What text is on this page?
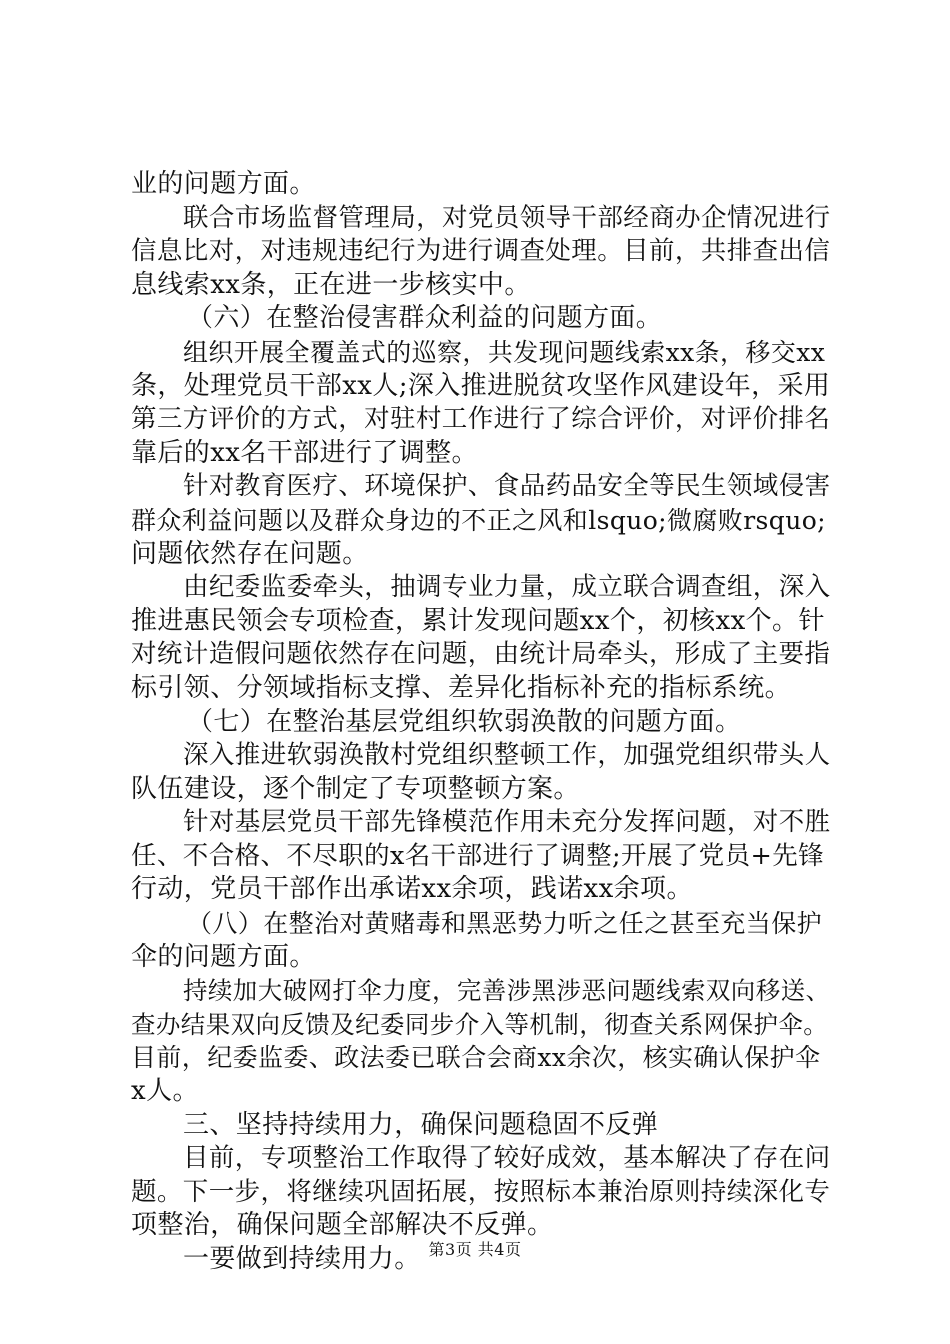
业的问题方面。
联合市场监督管理局，对党员领导干部经商办企情况进行
信息比对，对违规违纪行为进行调查处理。目前，共排查出信
息线索xx条，正在进一步核实中。
（六）在整治侵害群众利益的问题方面。
组织开展全覆盖式的巡察，共发现问题线索xx条，移交xx
条，处理党员干部xx人;深入推进脱贫攻坚作风建设年，采用
第三方评价的方式，对驻村工作进行了综合评价，对评价排名
靠后的xx名干部进行了调整。
针对教育医疗、环境保护、食品药品安全等民生领域侵害
群众利益问题以及群众身边的不正之风和lsquo;微腐败rsquo;
问题依然存在问题。
由纪委监委牵头，抽调专业力量，成立联合调查组，深入
推进惠民领会专项检查，累计发现问题xx个，初核xx个。针
对统计造假问题依然存在问题，由统计局牵头，形成了主要指
标引领、分领域指标支撑、差异化指标补充的指标系统。
（七）在整治基层党组织软弱涣散的问题方面。
深入推进软弱涣散村党组织整顿工作，加强党组织带头人
队伍建设，逐个制定了专项整顿方案。
针对基层党员干部先锋模范作用未充分发挥问题，对不胜
任、不合格、不尽职的x名干部进行了调整;开展了党员+先锋
行动，党员干部作出承诺xx余项，践诺xx余项。
（八）在整治对黄赌毒和黑恶势力听之任之甚至充当保护
伞的问题方面。
持续加大破网打伞力度，完善涉黑涉恶问题线索双向移送、
查办结果双向反馈及纪委同步介入等机制，彻查关系网保护伞。
目前，纪委监委、政法委已联合会商xx余次，核实确认保护伞
x人。
三、坚持持续用力，确保问题稳固不反弹
目前，专项整治工作取得了较好成效，基本解决了存在问
题。下一步，将继续巩固拓展，按照标本兼治原则持续深化专
项整治，确保问题全部解决不反弹。
一要做到持续用力。 第3页 共4页
